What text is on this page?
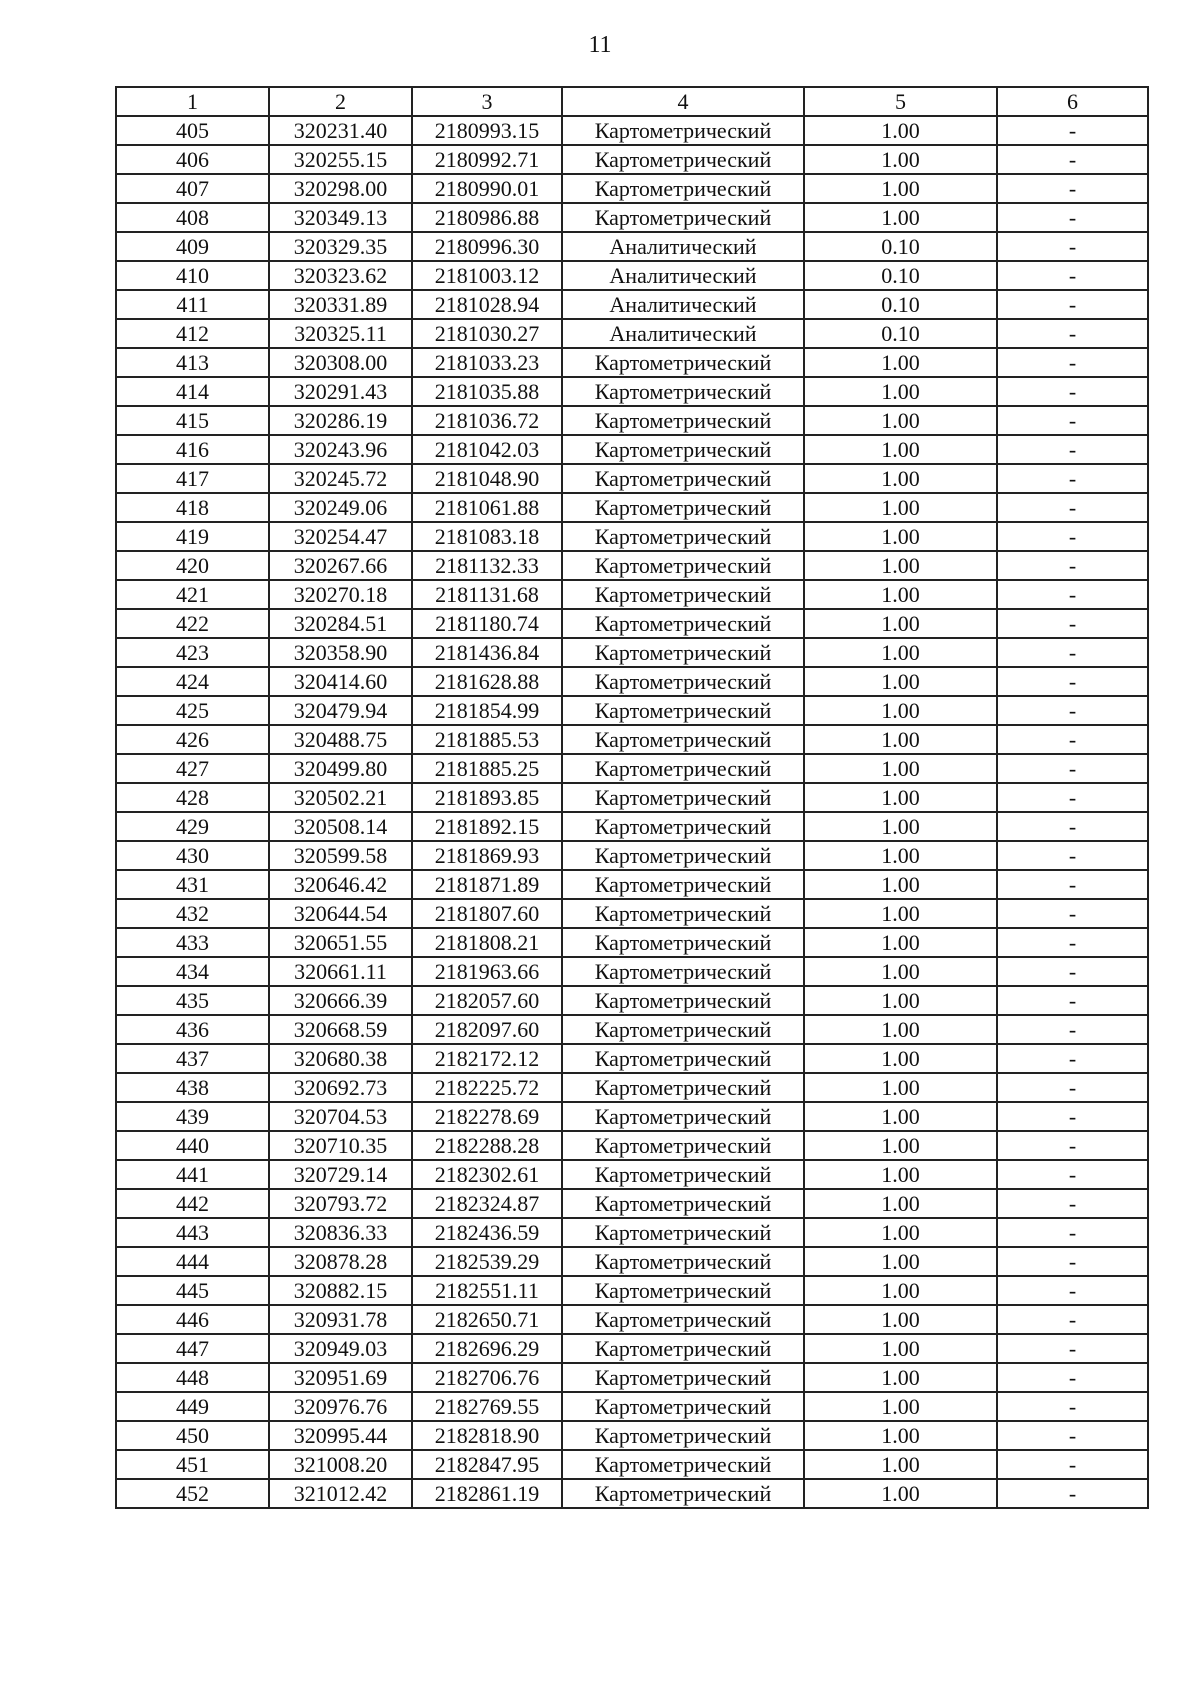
11
1	2	3	4	5	6
405	320231.40	2180993.15	Картометрический	1.00	-
406	320255.15	2180992.71	Картометрический	1.00	-
407	320298.00	2180990.01	Картометрический	1.00	-
408	320349.13	2180986.88	Картометрический	1.00	-
409	320329.35	2180996.30	Аналитический	0.10	-
410	320323.62	2181003.12	Аналитический	0.10	-
411	320331.89	2181028.94	Аналитический	0.10	-
412	320325.11	2181030.27	Аналитический	0.10	-
413	320308.00	2181033.23	Картометрический	1.00	-
414	320291.43	2181035.88	Картометрический	1.00	-
415	320286.19	2181036.72	Картометрический	1.00	-
416	320243.96	2181042.03	Картометрический	1.00	-
417	320245.72	2181048.90	Картометрический	1.00	-
418	320249.06	2181061.88	Картометрический	1.00	-
419	320254.47	2181083.18	Картометрический	1.00	-
420	320267.66	2181132.33	Картометрический	1.00	-
421	320270.18	2181131.68	Картометрический	1.00	-
422	320284.51	2181180.74	Картометрический	1.00	-
423	320358.90	2181436.84	Картометрический	1.00	-
424	320414.60	2181628.88	Картометрический	1.00	-
425	320479.94	2181854.99	Картометрический	1.00	-
426	320488.75	2181885.53	Картометрический	1.00	-
427	320499.80	2181885.25	Картометрический	1.00	-
428	320502.21	2181893.85	Картометрический	1.00	-
429	320508.14	2181892.15	Картометрический	1.00	-
430	320599.58	2181869.93	Картометрический	1.00	-
431	320646.42	2181871.89	Картометрический	1.00	-
432	320644.54	2181807.60	Картометрический	1.00	-
433	320651.55	2181808.21	Картометрический	1.00	-
434	320661.11	2181963.66	Картометрический	1.00	-
435	320666.39	2182057.60	Картометрический	1.00	-
436	320668.59	2182097.60	Картометрический	1.00	-
437	320680.38	2182172.12	Картометрический	1.00	-
438	320692.73	2182225.72	Картометрический	1.00	-
439	320704.53	2182278.69	Картометрический	1.00	-
440	320710.35	2182288.28	Картометрический	1.00	-
441	320729.14	2182302.61	Картометрический	1.00	-
442	320793.72	2182324.87	Картометрический	1.00	-
443	320836.33	2182436.59	Картометрический	1.00	-
444	320878.28	2182539.29	Картометрический	1.00	-
445	320882.15	2182551.11	Картометрический	1.00	-
446	320931.78	2182650.71	Картометрический	1.00	-
447	320949.03	2182696.29	Картометрический	1.00	-
448	320951.69	2182706.76	Картометрический	1.00	-
449	320976.76	2182769.55	Картометрический	1.00	-
450	320995.44	2182818.90	Картометрический	1.00	-
451	321008.20	2182847.95	Картометрический	1.00	-
452	321012.42	2182861.19	Картометрический	1.00	-
